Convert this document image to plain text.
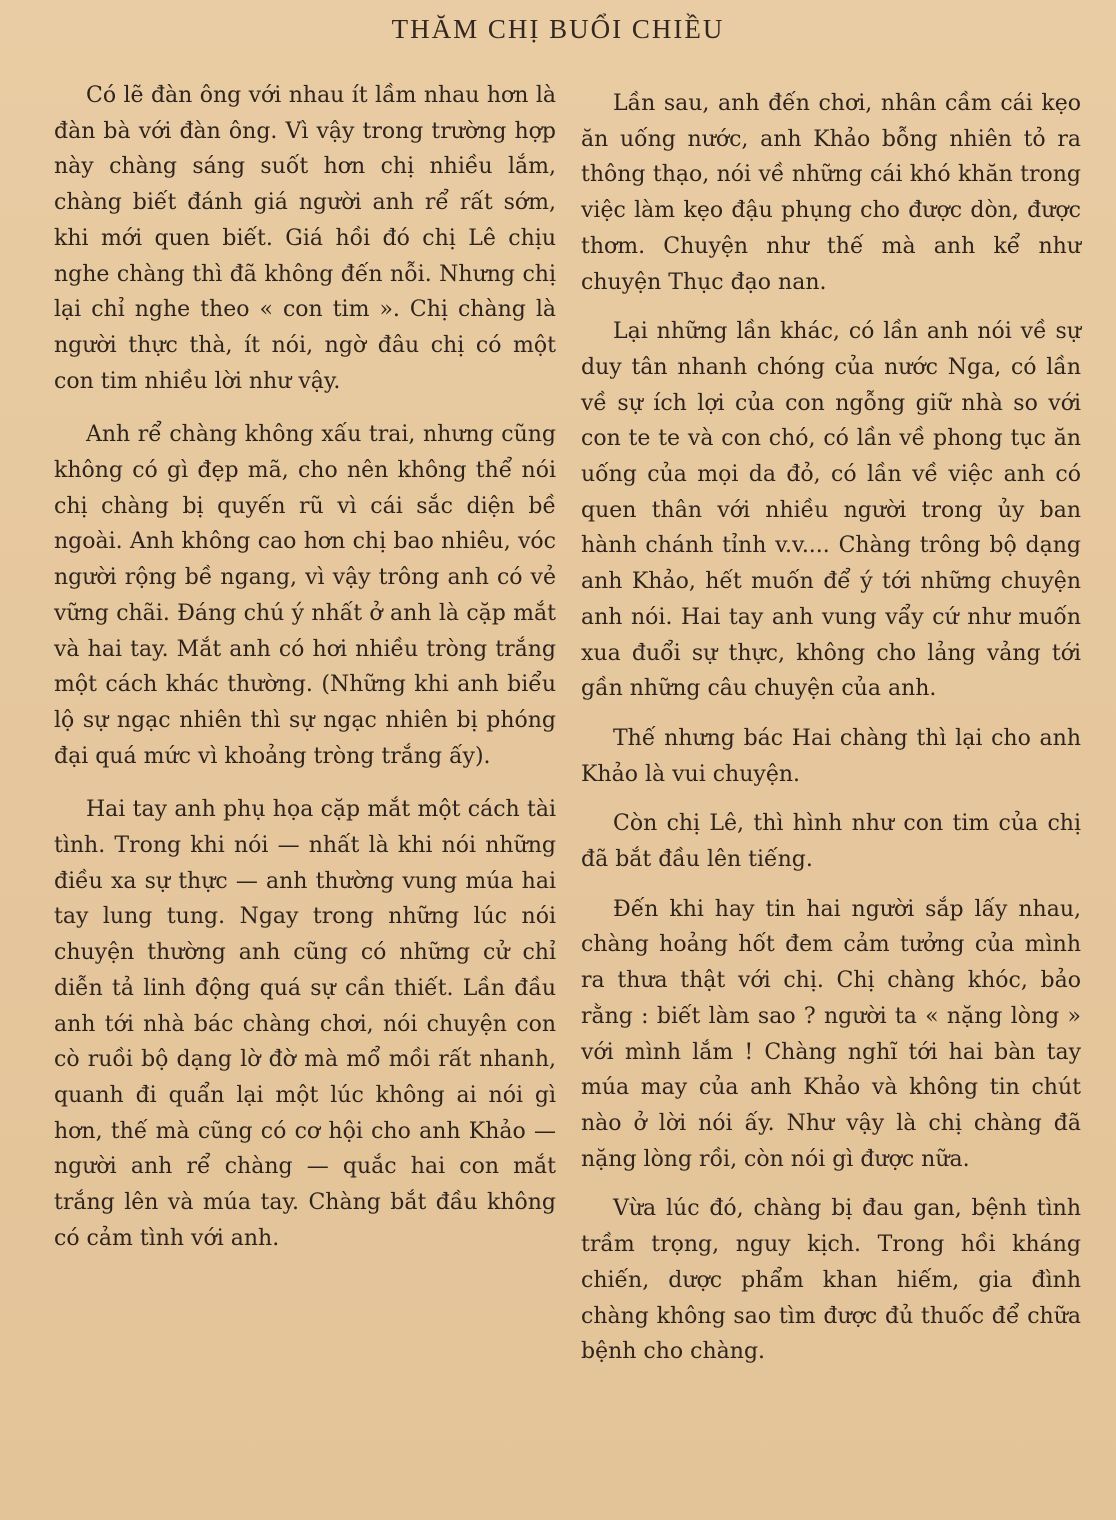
THĂM CHỊ BUỔI CHIỀU

Có lẽ đàn ông với nhau ít lầm nhau hơn là đàn bà với đàn ông. Vì vậy trong trường hợp này chàng sáng suốt hơn chị nhiều lắm, chàng biết đánh giá người anh rể rất sớm, khi mới quen biết. Giá hồi đó chị Lê chịu nghe chàng thì đã không đến nỗi. Nhưng chị lại chỉ nghe theo « con tim ». Chị chàng là người thực thà, ít nói, ngờ đâu chị có một con tim nhiều lời như vậy.

Anh rể chàng không xấu trai, nhưng cũng không có gì đẹp mã, cho nên không thể nói chị chàng bị quyến rũ vì cái sắc diện bề ngoài. Anh không cao hơn chị bao nhiêu, vóc người rộng bề ngang, vì vậy trông anh có vẻ vững chãi. Đáng chú ý nhất ở anh là cặp mắt và hai tay. Mắt anh có hơi nhiều tròng trắng một cách khác thường. (Những khi anh biểu lộ sự ngạc nhiên thì sự ngạc nhiên bị phóng đại quá mức vì khoảng tròng trắng ấy).

Hai tay anh phụ họa cặp mắt một cách tài tình. Trong khi nói — nhất là khi nói những điều xa sự thực — anh thường vung múa hai tay lung tung. Ngay trong những lúc nói chuyện thường anh cũng có những cử chỉ diễn tả linh động quá sự cần thiết. Lần đầu anh tới nhà bác chàng chơi, nói chuyện con cò ruồi bộ dạng lờ đờ mà mổ mồi rất nhanh, quanh đi quẩn lại một lúc không ai nói gì hơn, thế mà cũng có cơ hội cho anh Khảo — người anh rể chàng — quắc hai con mắt trắng lên và múa tay. Chàng bắt đầu không có cảm tình với anh.

Lần sau, anh đến chơi, nhân cầm cái kẹo ăn uống nước, anh Khảo bỗng nhiên tỏ ra thông thạo, nói về những cái khó khăn trong việc làm kẹo đậu phụng cho được dòn, được thơm. Chuyện như thế mà anh kể như chuyện Thục đạo nan.

Lại những lần khác, có lần anh nói về sự duy tân nhanh chóng của nước Nga, có lần về sự ích lợi của con ngỗng giữ nhà so với con te te và con chó, có lần về phong tục ăn uống của mọi da đỏ, có lần về việc anh có quen thân với nhiều người trong ủy ban hành chánh tỉnh v.v.... Chàng trông bộ dạng anh Khảo, hết muốn để ý tới những chuyện anh nói. Hai tay anh vung vẩy cứ như muốn xua đuổi sự thực, không cho lảng vảng tới gần những câu chuyện của anh.

Thế nhưng bác Hai chàng thì lại cho anh Khảo là vui chuyện.

Còn chị Lê, thì hình như con tim của chị đã bắt đầu lên tiếng.

Đến khi hay tin hai người sắp lấy nhau, chàng hoảng hốt đem cảm tưởng của mình ra thưa thật với chị. Chị chàng khóc, bảo rằng : biết làm sao ? người ta « nặng lòng » với mình lắm ! Chàng nghĩ tới hai bàn tay múa may của anh Khảo và không tin chút nào ở lời nói ấy. Như vậy là chị chàng đã nặng lòng rồi, còn nói gì được nữa.

Vừa lúc đó, chàng bị đau gan, bệnh tình trầm trọng, nguy kịch. Trong hồi kháng chiến, dược phẩm khan hiếm, gia đình chàng không sao tìm được đủ thuốc để chữa bệnh cho chàng.
